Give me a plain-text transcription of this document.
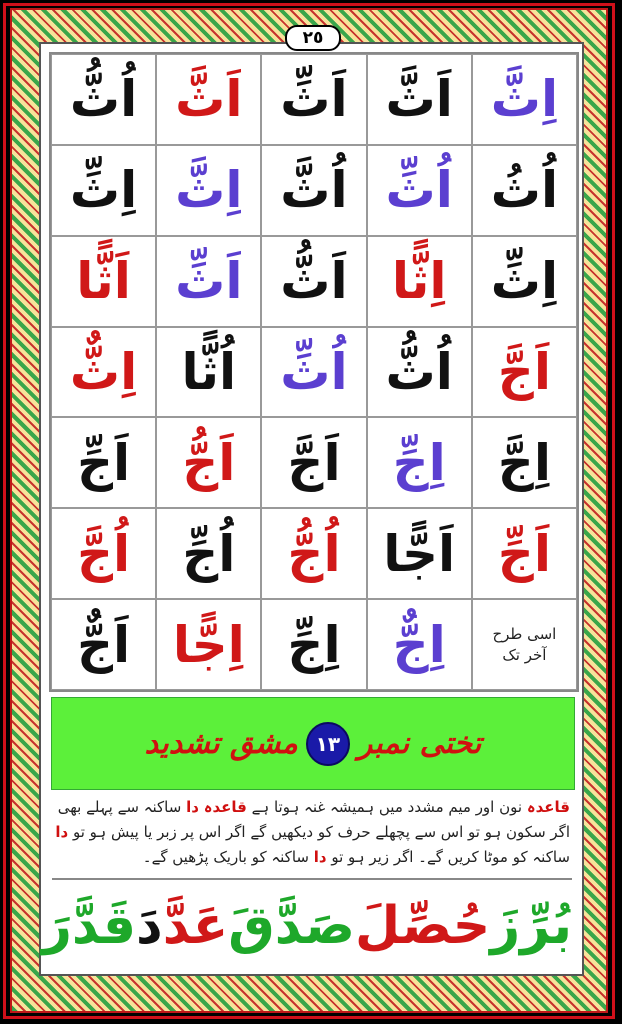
٢٥
اُثُّ اَثَّ اَثِّ اَثَّ اِثَّ
اِثِّ اِثَّ اُثَّ اُثِّ اُثُ
اَثًّا اَثِّ اَثُّ اِثًّا اِثِّ
اِثٌّ اُثًّا اُثِّ اُثُّ اَجَّ
اَجِّ	اَجُّ	اَجَّ	اِجِّ	اِجَّ
اُجَّ	اُجِّ	اُجُّ اَجًّا اَجِّ
اَجٌّ اِجًّا اِجِّ	اِجٌّ	اسی طرح
آخر تک
تختی نمبر
١٣
مشق تشدید
قاعدہ نون اور میم مشدد میں ہمیشہ غنہ ہوتا ہے قاعدہ دا ساکنہ سے پہلے بھی اگر سکون ہو تو اس سے پچھلے حرف کو دیکھیں گے اگر اس پر زبر یا پیش ہو تو دا ساکنہ کو موٹا کریں گے۔ اگر زیر ہو تو دا ساکنہ کو باریک پڑھیں گے۔
بُرِّزَ
حُصِّلَ
صَدَّقَ
عَدَّ
دَ
قَدَّرَ
